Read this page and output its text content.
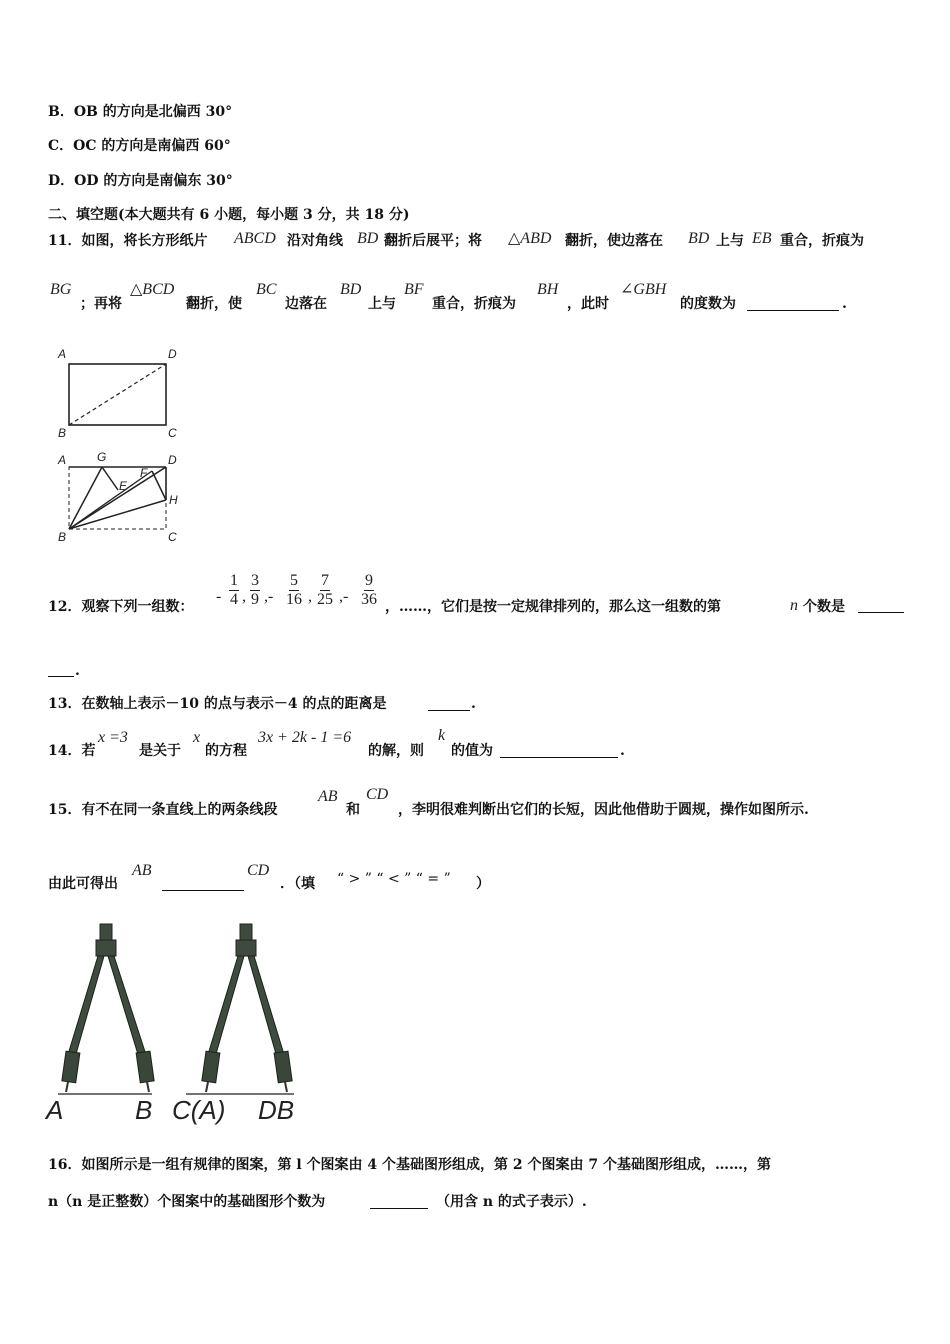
B．OB 的方向是北偏西 30°
C．OC 的方向是南偏西 60°
D．OD 的方向是南偏东 30°
二、填空题(本大题共有 6 小题，每小题 3 分，共 18 分)
11．如图，将长方形纸片 ABCD 沿对角线 BD 翻折后展平；将 △ABD 翻折，使边落在 BD 上与 EB 重合，折痕为
BG
；再将
△BCD
翻折，使
BC
边落在
BD
上与
BF
重合，折痕为
BH
，此时
∠GBH
的度数为	.
A	D
B	C
A	G	D
F
E
H
B	C
12．观察下列一组数：
- $\frac{1}{4}$ , $\frac{3}{9}$ ,- $\frac{5}{16}$ , $\frac{7}{25}$ ,- $\frac{9}{36}$ ，……，它们是按一定规律排列的，那么这一组数的第	n 个数是
.
13．在数轴上表示－10 的点与表示－4 的点的距离是	.
14．若
x =3
是关于
x
的方程
3x + 2k - 1 =6
的解，则
k
的值为	.
15．有不在同一条直线上的两条线段
AB
和
CD
，李明很难判断出它们的长短，因此他借助于圆规，操作如图所示.
由此可得出
AB	CD
．（填 “ > ” “ < ” “ = ” ）
A	B C(A) DB
16．如图所示是一组有规律的图案，第 l 个图案由 4 个基础图形组成，第 2 个图案由 7 个基础图形组成，……，第
n（n 是正整数）个图案中的基础图形个数为	（用含 n 的式子表示）.
